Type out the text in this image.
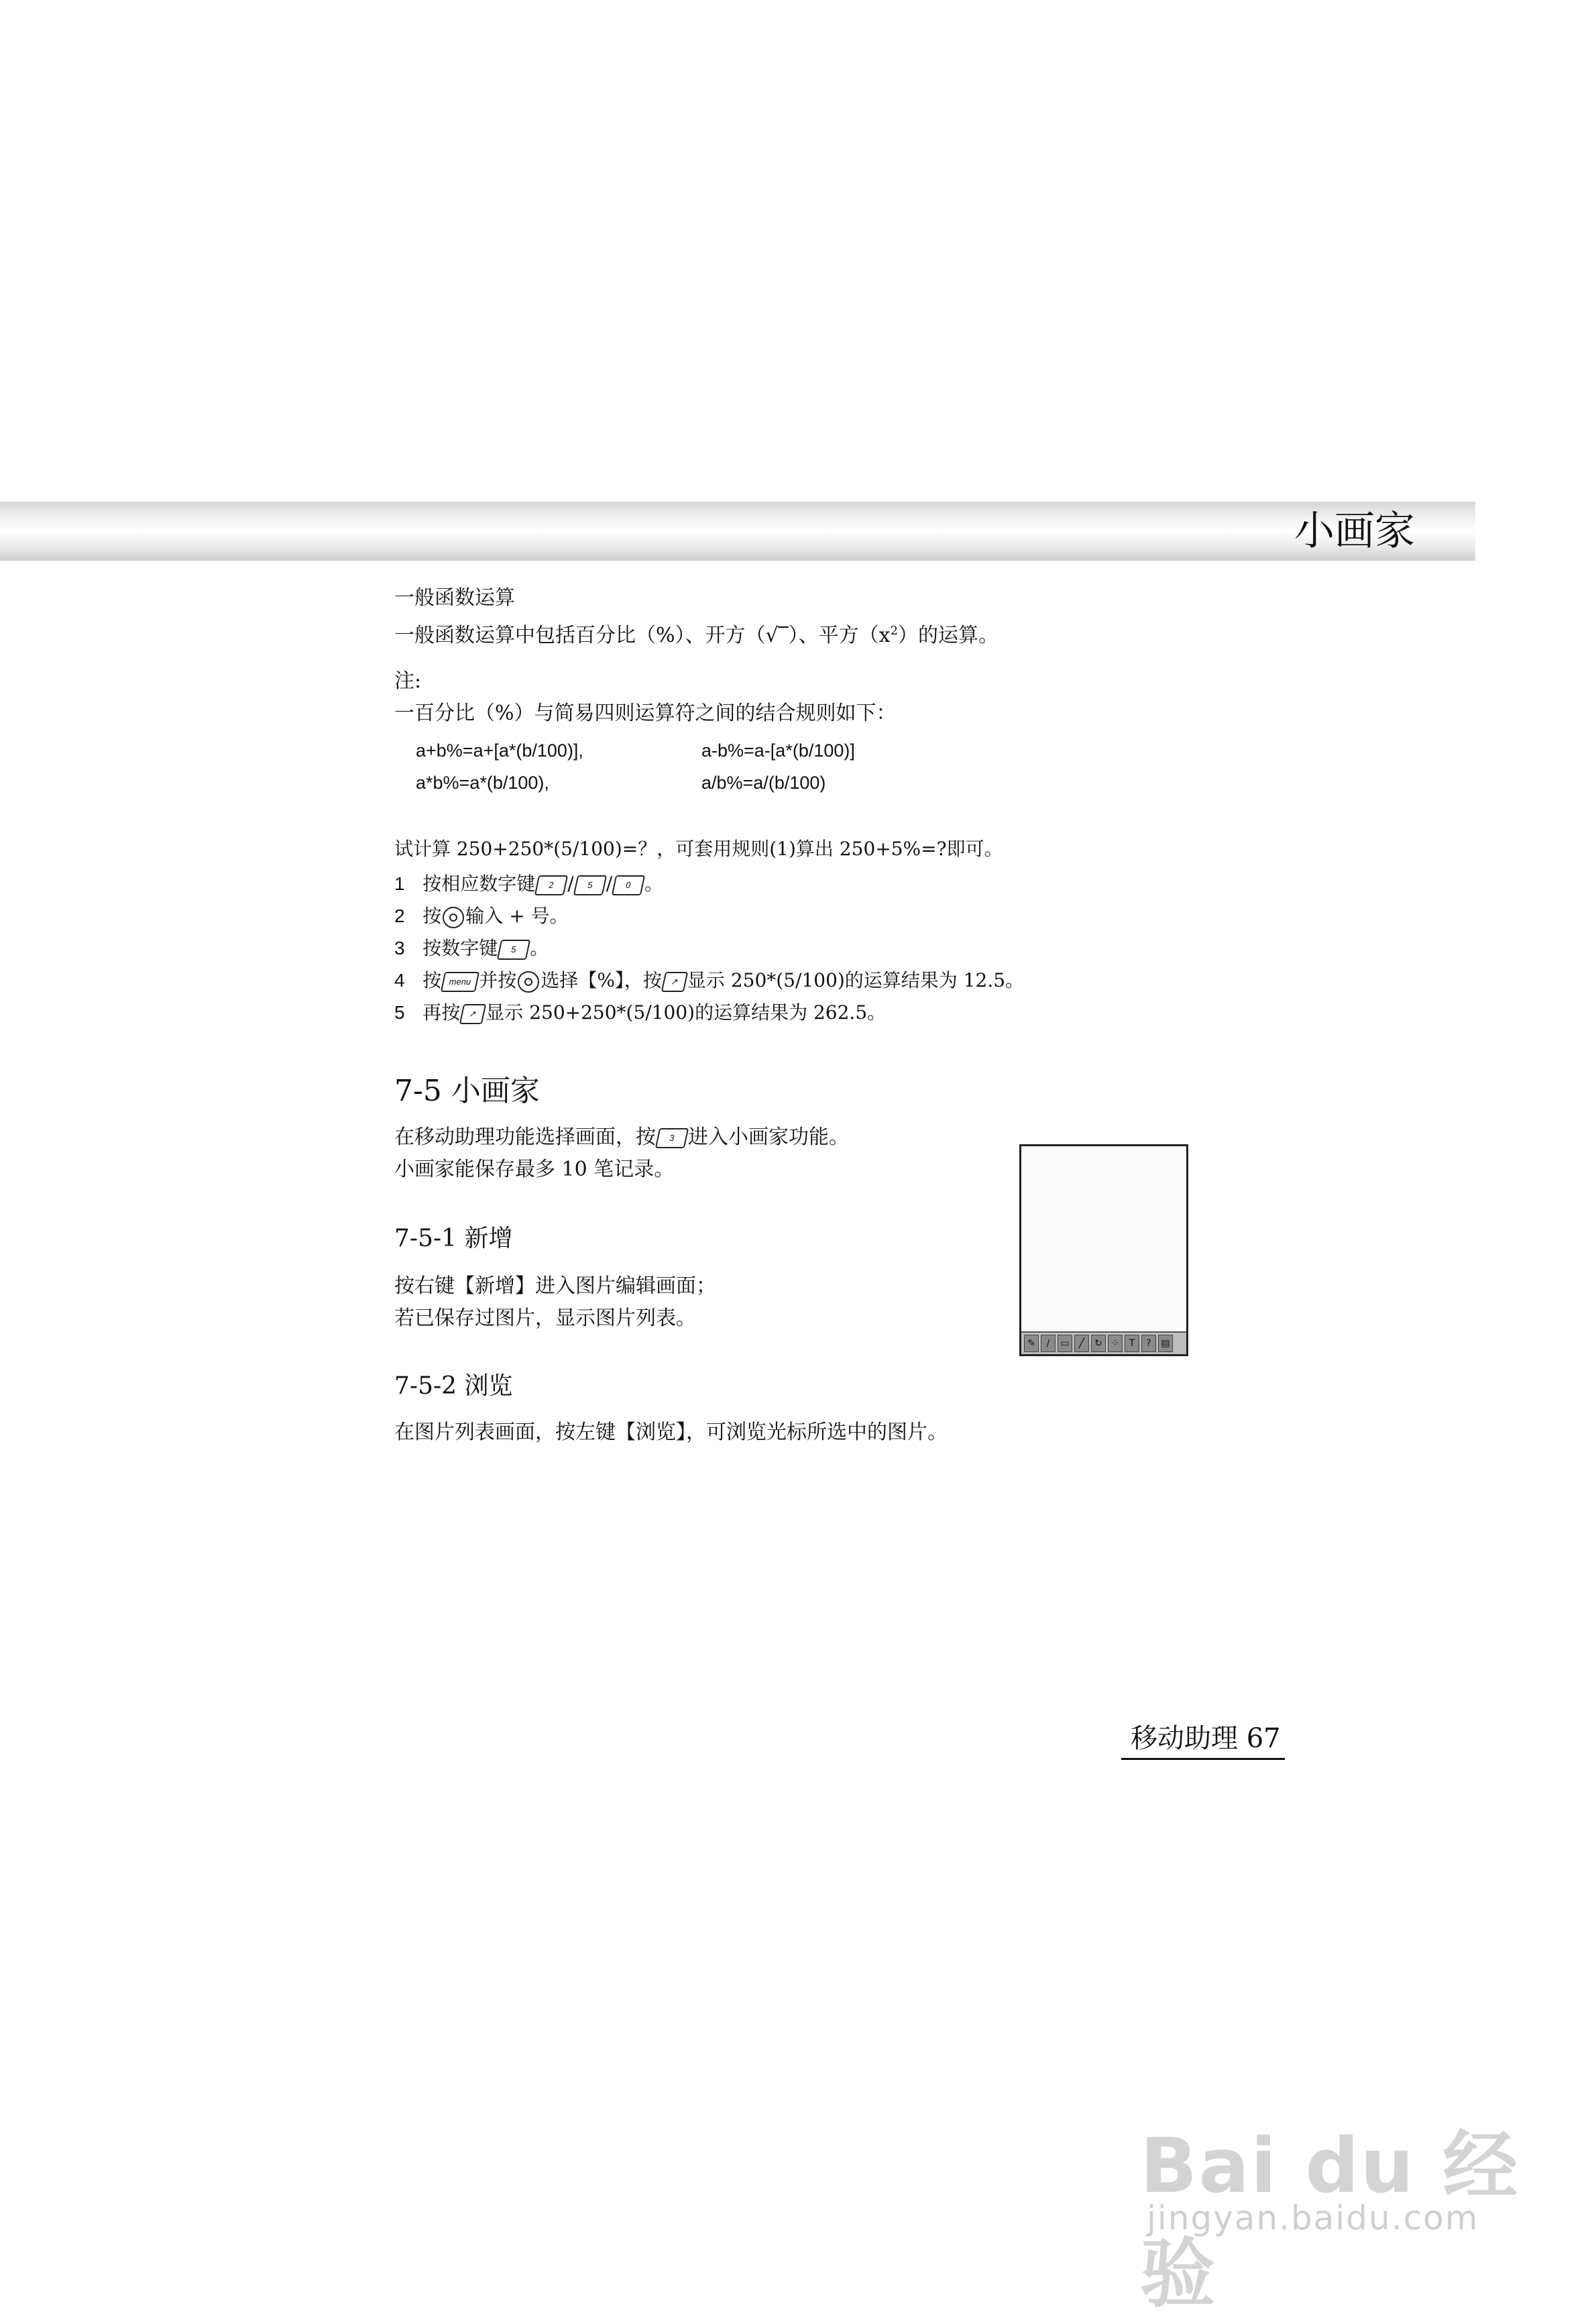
小画家
一般函数运算
一般函数运算中包括百分比（%）、开方（√‾）、平方$(x^2)$的运算。
注:
一百分比（%）与简易四则运算符之间的结合规则如下：
a+b%=a+[a*(b/100)],	a-b%=a-[a*(b/100)]
a*b%=a*(b/100),	a/b%=a/(b/100)
试计算 250+250*(5/100)=？，可套用规则(1)算出 250+5%=?即可。
1 按相应数字键 2 / 5 / 0 。
2 按 输入 + 号。
3 按数字键 5 。
4 按 menu 并按 选择【%】，按 ↗ 显示 250*(5/100)的运算结果为 12.5。
5 再按 ↗ 显示 250+250*(5/100)的运算结果为 262.5。
7-5 小画家
在移动助理功能选择画面，按 3 进入小画家功能。
小画家能保存最多 10 笔记录。
7-5-1 新增
按右键【新增】进入图片编辑画面；
若已保存过图片，显示图片列表。
7-5-2 浏览
在图片列表画面，按左键【浏览】，可浏览光标所选中的图片。
✎	∕	▭	╱	↻ ⁘	T	?	▤
移动助理 67
Bai du 经验
jingyan.baidu.com
